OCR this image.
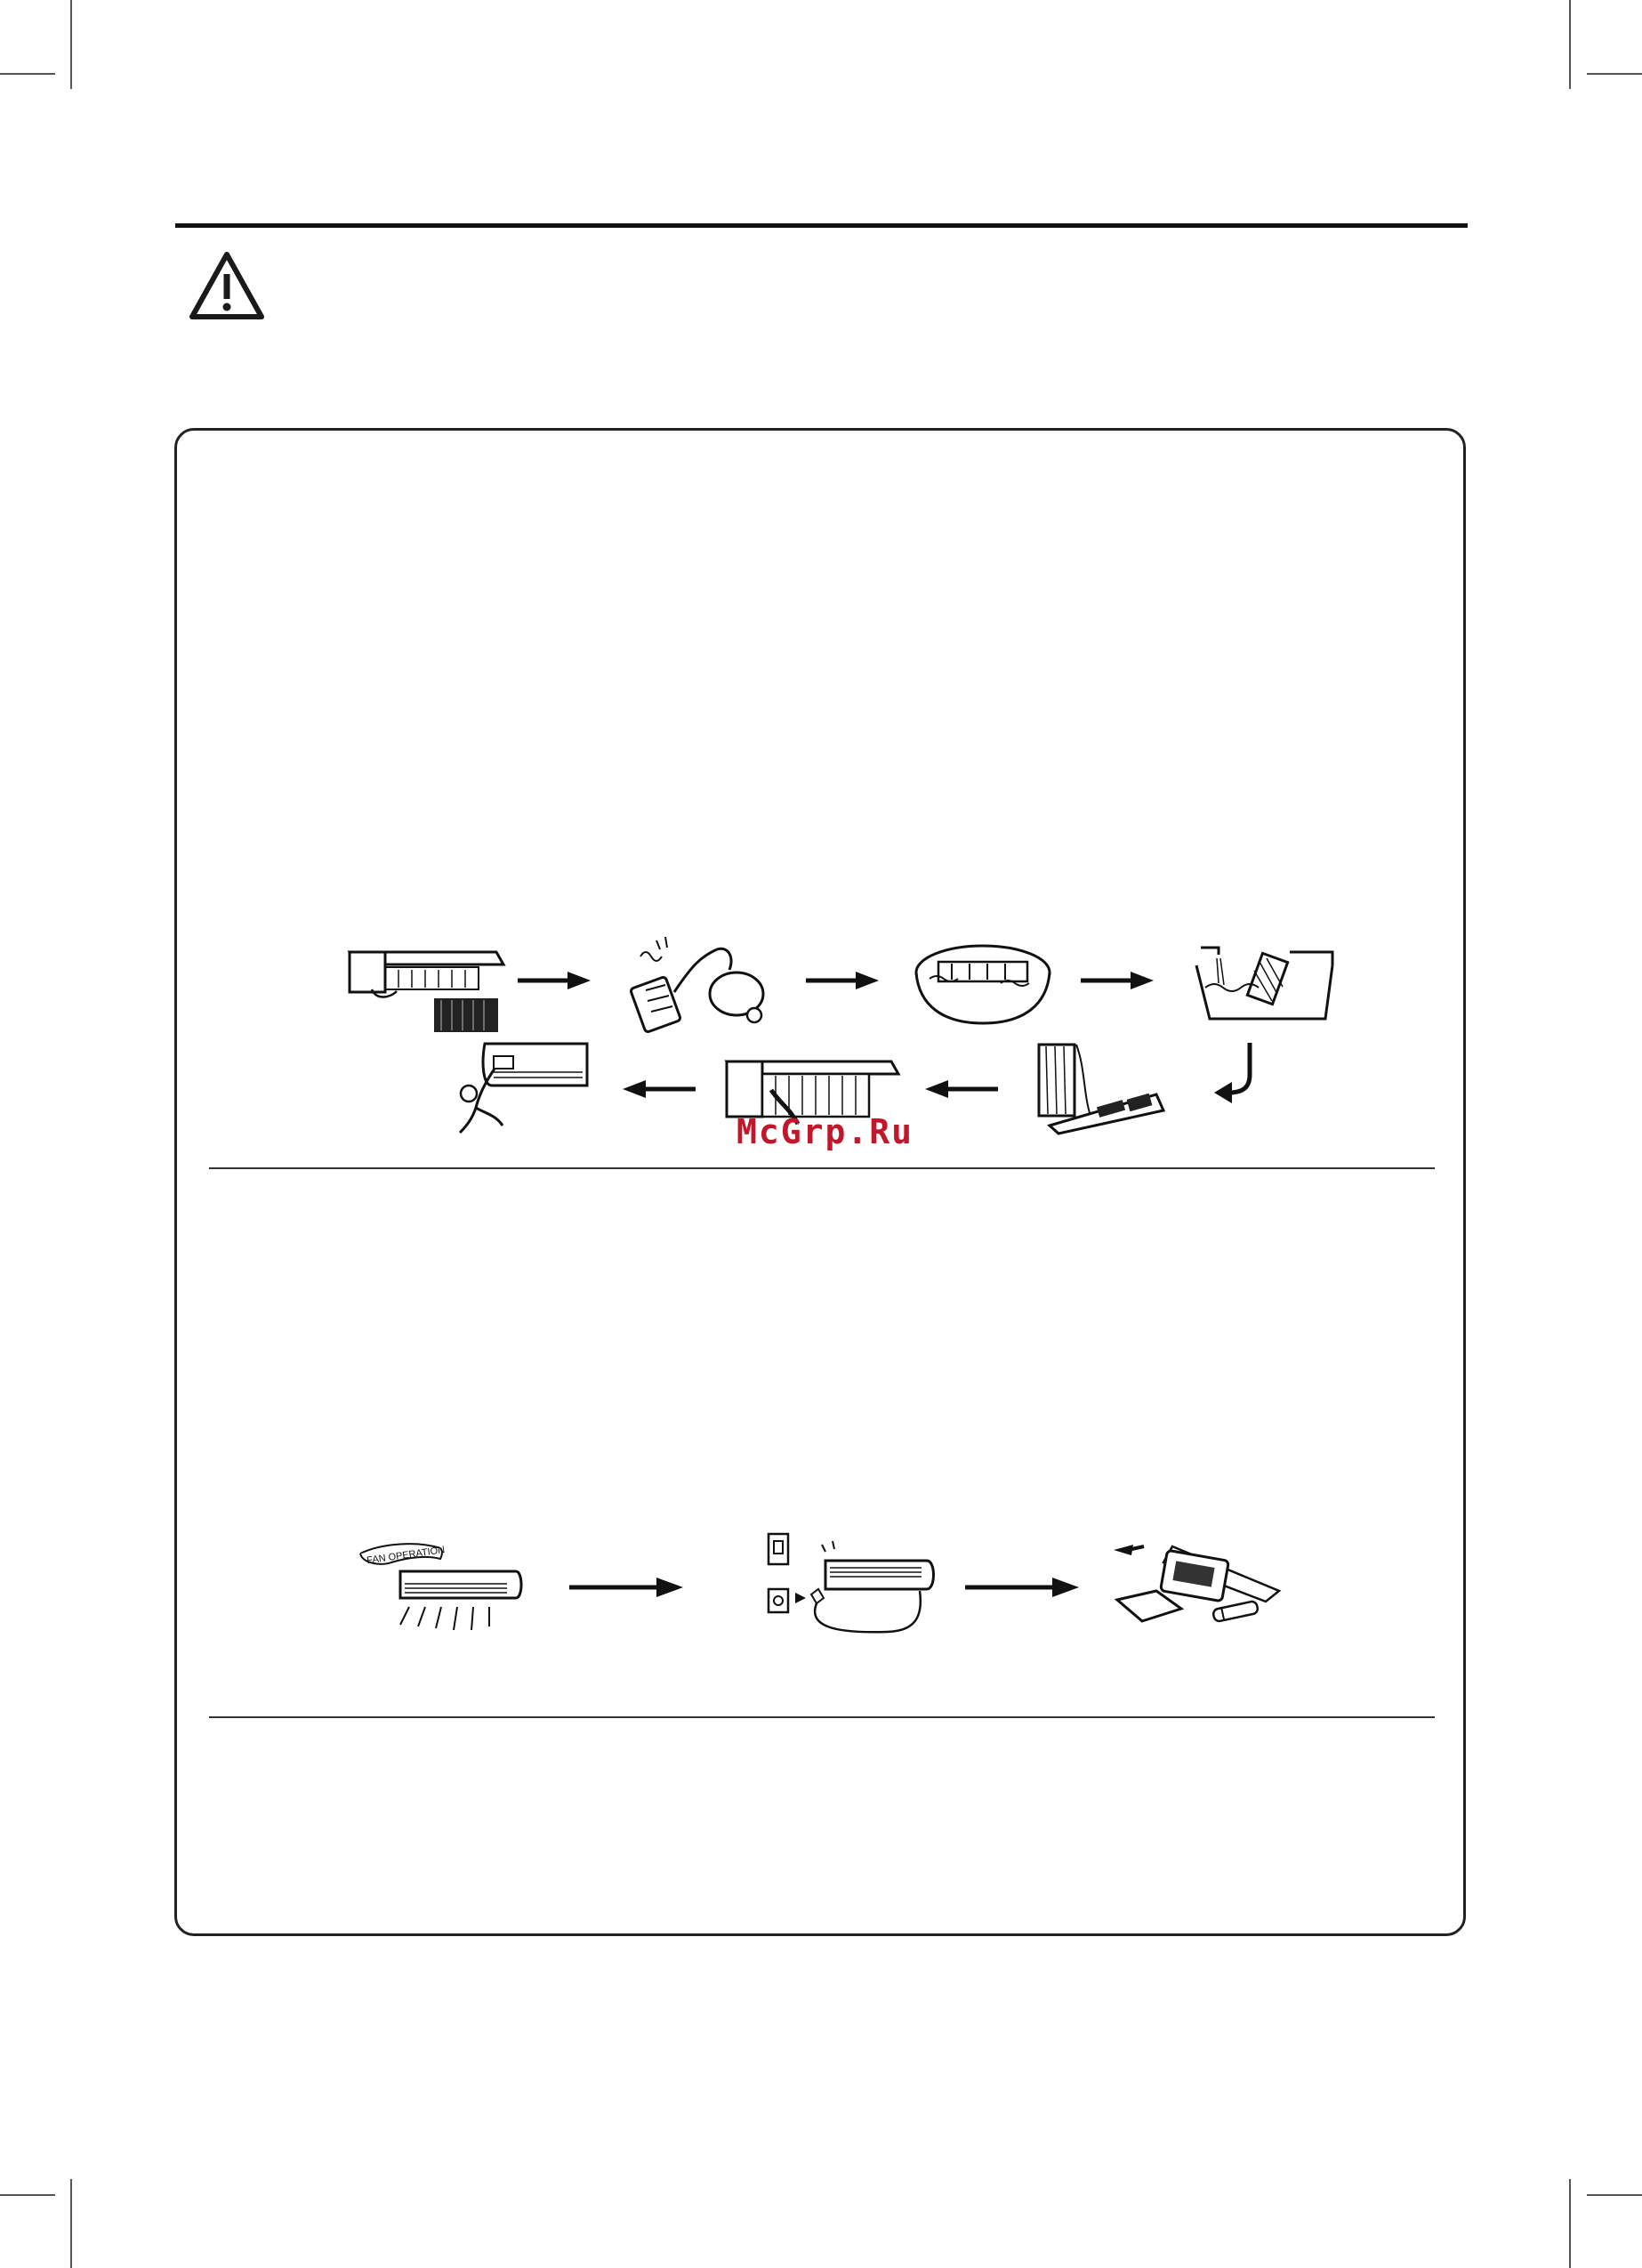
McGrp.Ru
FAN OPERATION
